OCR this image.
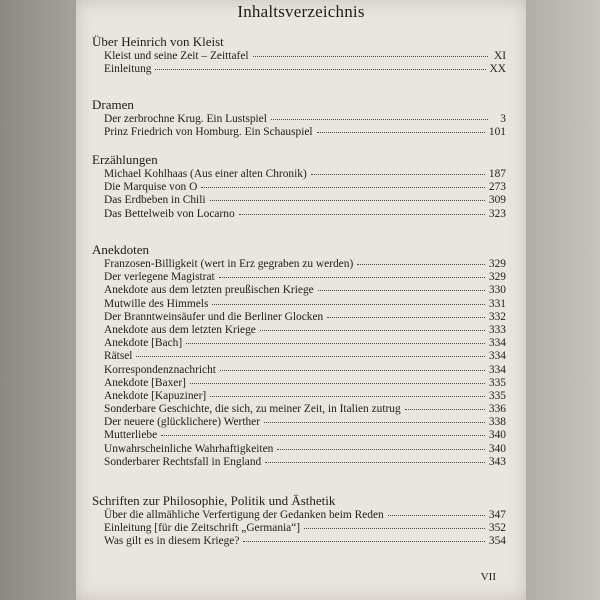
Inhaltsverzeichnis
Über Heinrich von Kleist
Kleist und seine Zeit – Zeittafel	XI
Einleitung	XX
Dramen
Der zerbrochne Krug. Ein Lustspiel	3
Prinz Friedrich von Homburg. Ein Schauspiel	101
Erzählungen
Michael Kohlhaas (Aus einer alten Chronik)	187
Die Marquise von O	273
Das Erdbeben in Chili	309
Das Bettelweib von Locarno	323
Anekdoten
Franzosen-Billigkeit (wert in Erz gegraben zu werden)	329
Der verlegene Magistrat	329
Anekdote aus dem letzten preußischen Kriege	330
Mutwille des Himmels	331
Der Branntweinsäufer und die Berliner Glocken	332
Anekdote aus dem letzten Kriege	333
Anekdote [Bach]	334
Rätsel	334
Korrespondenznachricht	334
Anekdote [Baxer]	335
Anekdote [Kapuziner]	335
Sonderbare Geschichte, die sich, zu meiner Zeit, in Italien zutrug	336
Der neuere (glücklichere) Werther	338
Mutterliebe	340
Unwahrscheinliche Wahrhaftigkeiten	340
Sonderbarer Rechtsfall in England	343
Schriften zur Philosophie, Politik und Ästhetik
Über die allmähliche Verfertigung der Gedanken beim Reden	347
Einleitung [für die Zeitschrift „Germania“]	352
Was gilt es in diesem Kriege?	354
VII
